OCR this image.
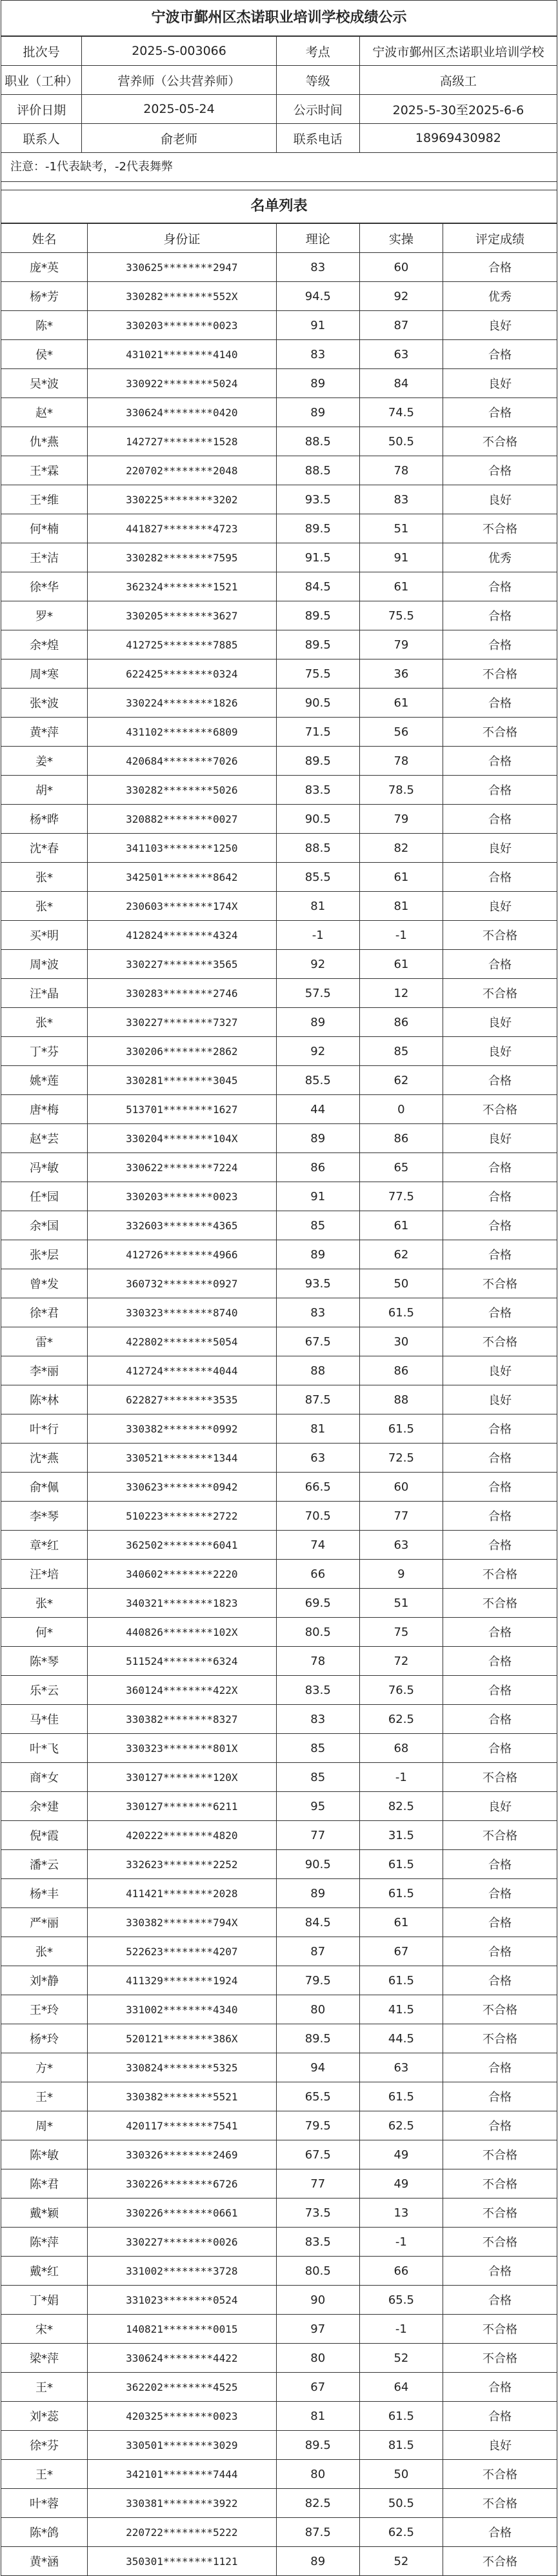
宁波市鄞州区杰诺职业培训学校成绩公示
批次号	2025-S-003066	考点	宁波市鄞州区杰诺职业培训学校
职业（工种）	营养师（公共营养师）	等级	高级工
评价日期	2025-05-24	公示时间	2025-5-30至2025-6-6
联系人	俞老师	联系电话	18969430982
注意：-1代表缺考，-2代表舞弊
名单列表
姓名	身份证	理论	实操	评定成绩
庞*英	330625********2947	83	60	合格
杨*芳	330282********552X	94.5	92	优秀
陈*	330203********0023	91	87	良好
侯*	431021********4140	83	63	合格
吴*波	330922********5024	89	84	良好
赵*	330624********0420	89	74.5	合格
仇*燕	142727********1528	88.5	50.5	不合格
王*霖	220702********2048	88.5	78	合格
王*维	330225********3202	93.5	83	良好
何*楠	441827********4723	89.5	51	不合格
王*洁	330282********7595	91.5	91	优秀
徐*华	362324********1521	84.5	61	合格
罗*	330205********3627	89.5	75.5	合格
余*煌	412725********7885	89.5	79	合格
周*寒	622425********0324	75.5	36	不合格
张*波	330224********1826	90.5	61	合格
黄*萍	431102********6809	71.5	56	不合格
姜*	420684********7026	89.5	78	合格
胡*	330282********5026	83.5	78.5	合格
杨*晔	320882********0027	90.5	79	合格
沈*春	341103********1250	88.5	82	良好
张*	342501********8642	85.5	61	合格
张*	230603********174X	81	81	良好
买*明	412824********4324	-1	-1	不合格
周*波	330227********3565	92	61	合格
汪*晶	330283********2746	57.5	12	不合格
张*	330227********7327	89	86	良好
丁*芬	330206********2862	92	85	良好
姚*莲	330281********3045	85.5	62	合格
唐*梅	513701********1627	44	0	不合格
赵*芸	330204********104X	89	86	良好
冯*敏	330622********7224	86	65	合格
任*园	330203********0023	91	77.5	合格
余*国	332603********4365	85	61	合格
张*层	412726********4966	89	62	合格
曾*发	360732********0927	93.5	50	不合格
徐*君	330323********8740	83	61.5	合格
雷*	422802********5054	67.5	30	不合格
李*丽	412724********4044	88	86	良好
陈*林	622827********3535	87.5	88	良好
叶*行	330382********0992	81	61.5	合格
沈*燕	330521********1344	63	72.5	合格
俞*佩	330623********0942	66.5	60	合格
李*琴	510223********2722	70.5	77	合格
章*红	362502********6041	74	63	合格
汪*培	340602********2220	66	9	不合格
张*	340321********1823	69.5	51	不合格
何*	440826********102X	80.5	75	合格
陈*琴	511524********6324	78	72	合格
乐*云	360124********422X	83.5	76.5	合格
马*佳	330382********8327	83	62.5	合格
叶*飞	330323********801X	85	68	合格
商*女	330127********120X	85	-1	不合格
余*建	330127********6211	95	82.5	良好
倪*霞	420222********4820	77	31.5	不合格
潘*云	332623********2252	90.5	61.5	合格
杨*丰	411421********2028	89	61.5	合格
严*丽	330382********794X	84.5	61	合格
张*	522623********4207	87	67	合格
刘*静	411329********1924	79.5	61.5	合格
王*玲	331002********4340	80	41.5	不合格
杨*玲	520121********386X	89.5	44.5	不合格
方*	330824********5325	94	63	合格
王*	330382********5521	65.5	61.5	合格
周*	420117********7541	79.5	62.5	合格
陈*敏	330326********2469	67.5	49	不合格
陈*君	330226********6726	77	49	不合格
戴*颖	330226********0661	73.5	13	不合格
陈*萍	330227********0026	83.5	-1	不合格
戴*红	331002********3728	80.5	66	合格
丁*娟	331023********0524	90	65.5	合格
宋*	140821********0015	97	-1	不合格
梁*萍	330624********4422	80	52	不合格
王*	362202********4525	67	64	合格
刘*蕊	420325********0023	81	61.5	合格
徐*芬	330501********3029	89.5	81.5	良好
王*	342101********7444	80	50	不合格
叶*蓉	330381********3922	82.5	50.5	不合格
陈*鸽	220722********5222	87.5	62.5	合格
黄*涵	350301********1121	89	52	不合格
